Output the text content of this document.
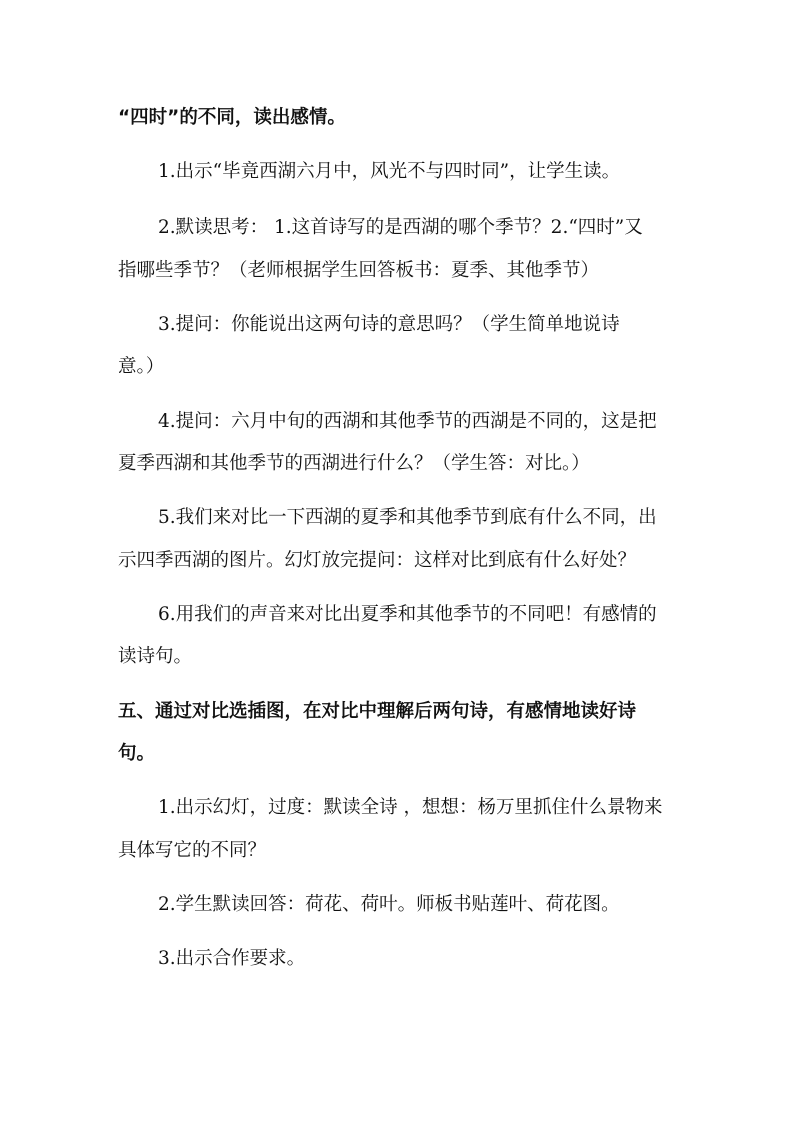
“四时”的不同，读出感情。
1.出示“毕竟西湖六月中，风光不与四时同”，让学生读。
2.默读思考： 1.这首诗写的是西湖的哪个季节？2.“四时”又
指哪些季节？（老师根据学生回答板书：夏季、其他季节）
3.提问：你能说出这两句诗的意思吗？（学生简单地说诗
意。）
4.提问：六月中旬的西湖和其他季节的西湖是不同的，这是把
夏季西湖和其他季节的西湖进行什么？（学生答：对比。）
5.我们来对比一下西湖的夏季和其他季节到底有什么不同，出
示四季西湖的图片。幻灯放完提问：这样对比到底有什么好处？
6.用我们的声音来对比出夏季和其他季节的不同吧！有感情的
读诗句。
五、通过对比选插图，在对比中理解后两句诗，有感情地读好诗
句。
1.出示幻灯，过度：默读全诗 ，想想：杨万里抓住什么景物来
具体写它的不同？
2.学生默读回答：荷花、荷叶。师板书贴莲叶、荷花图。
3.出示合作要求。
